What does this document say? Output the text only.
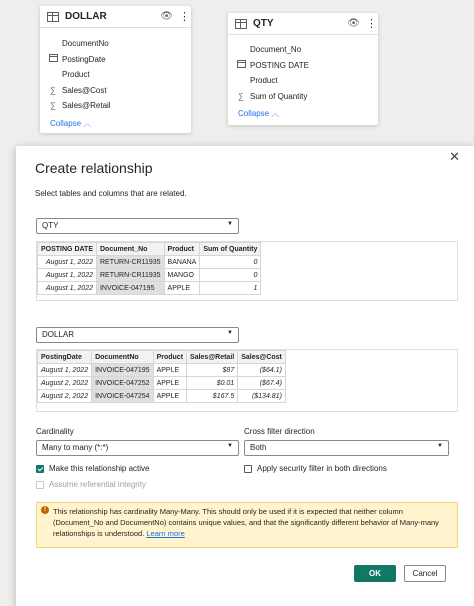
DOLLAR	👁 ⋮
DocumentNo
PostingDate
Product
∑ Sales@Cost
∑ Sales@Retail
Collapse ︿
QTY	👁 ⋮
Document_No
POSTING DATE
Product
∑ Sum of Quantity
Collapse ︿
✕
Create relationship
Select tables and columns that are related.
QTY	▼
POSTING DATE	Document_No	Product	Sum of Quantity
August 1, 2022	RETURN-CR11935	BANANA	0
August 1, 2022	RETURN-CR11935	MANGO	0
August 1, 2022	INVOICE-047195	APPLE	1
DOLLAR	▼
PostingDate	DocumentNo	Product	Sales@Retail	Sales@Cost
August 1, 2022	INVOICE-047195	APPLE	$87	($64.1)
August 2, 2022	INVOICE-047252	APPLE	$0.01	($67.4)
August 2, 2022	INVOICE-047254	APPLE	$167.5	($134.81)
Cardinality
Many to many (*:*)	▼
Cross filter direction
Both	▼
Make this relationship active	Apply security filter in both directions
Assume referential integrity
! This relationship has cardinality Many-Many. This should only be used if it is expected that neither column (Document_No and DocumentNo) contains unique values, and that the significantly different behavior of Many-many relationships is understood. Learn more
OK	Cancel
